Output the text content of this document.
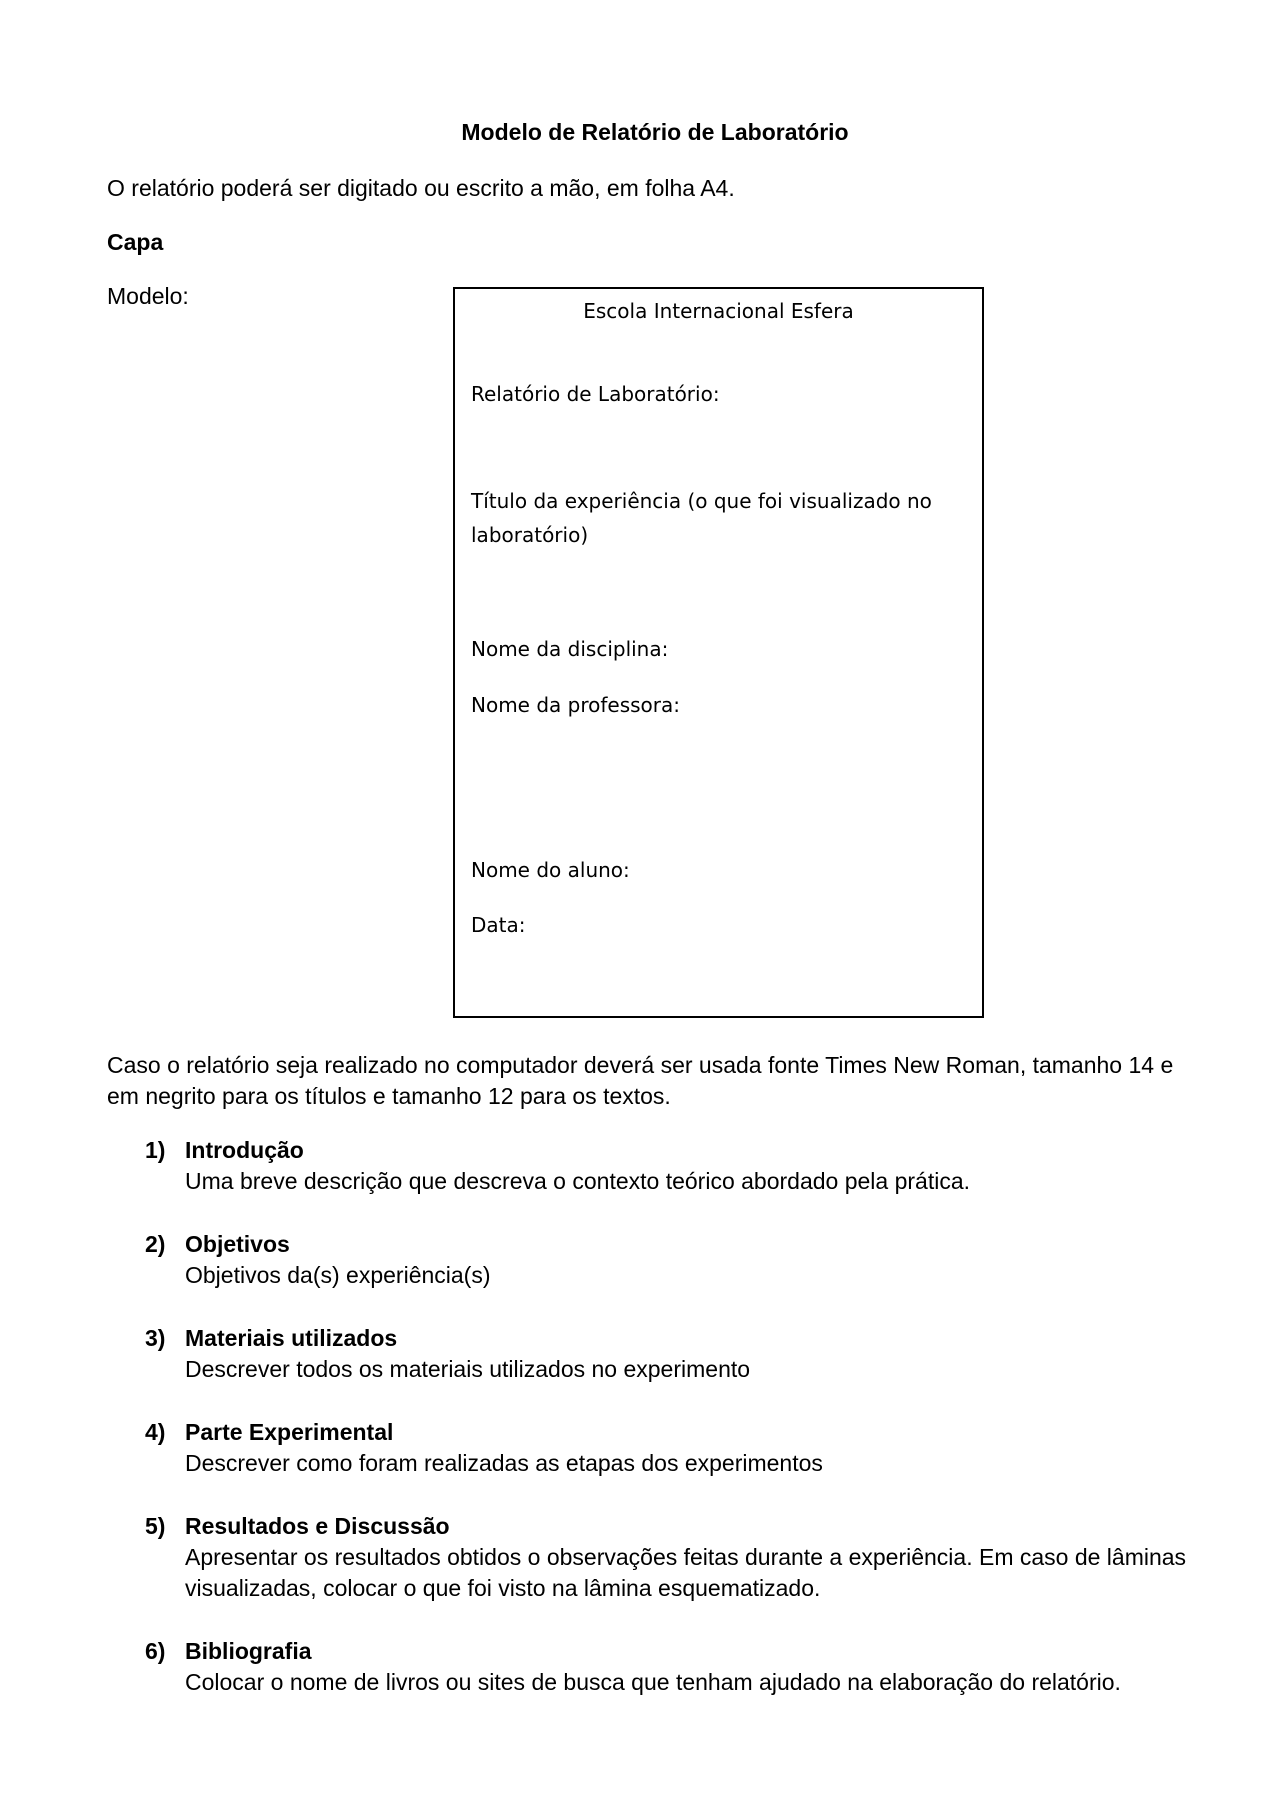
Modelo de Relatório de Laboratório
O relatório poderá ser digitado ou escrito a mão, em folha A4.
Capa
Modelo:
Escola Internacional Esfera
Relatório de Laboratório:
Título da experiência (o que foi visualizado no laboratório)
Nome da disciplina:
Nome da professora:
Nome do aluno:
Data:
Caso o relatório seja realizado no computador deverá ser usada fonte Times New Roman, tamanho 14 e em negrito para os títulos e tamanho 12 para os textos.
1) Introdução
Uma breve descrição que descreva o contexto teórico abordado pela prática.
2) Objetivos
Objetivos da(s) experiência(s)
3) Materiais utilizados
Descrever todos os materiais utilizados no experimento
4) Parte Experimental
Descrever como foram realizadas as etapas dos experimentos
5) Resultados e Discussão
Apresentar os resultados obtidos o observações feitas durante a experiência. Em caso de lâminas visualizadas, colocar o que foi visto na lâmina esquematizado.
6) Bibliografia
Colocar o nome de livros ou sites de busca que tenham ajudado na elaboração do relatório.
